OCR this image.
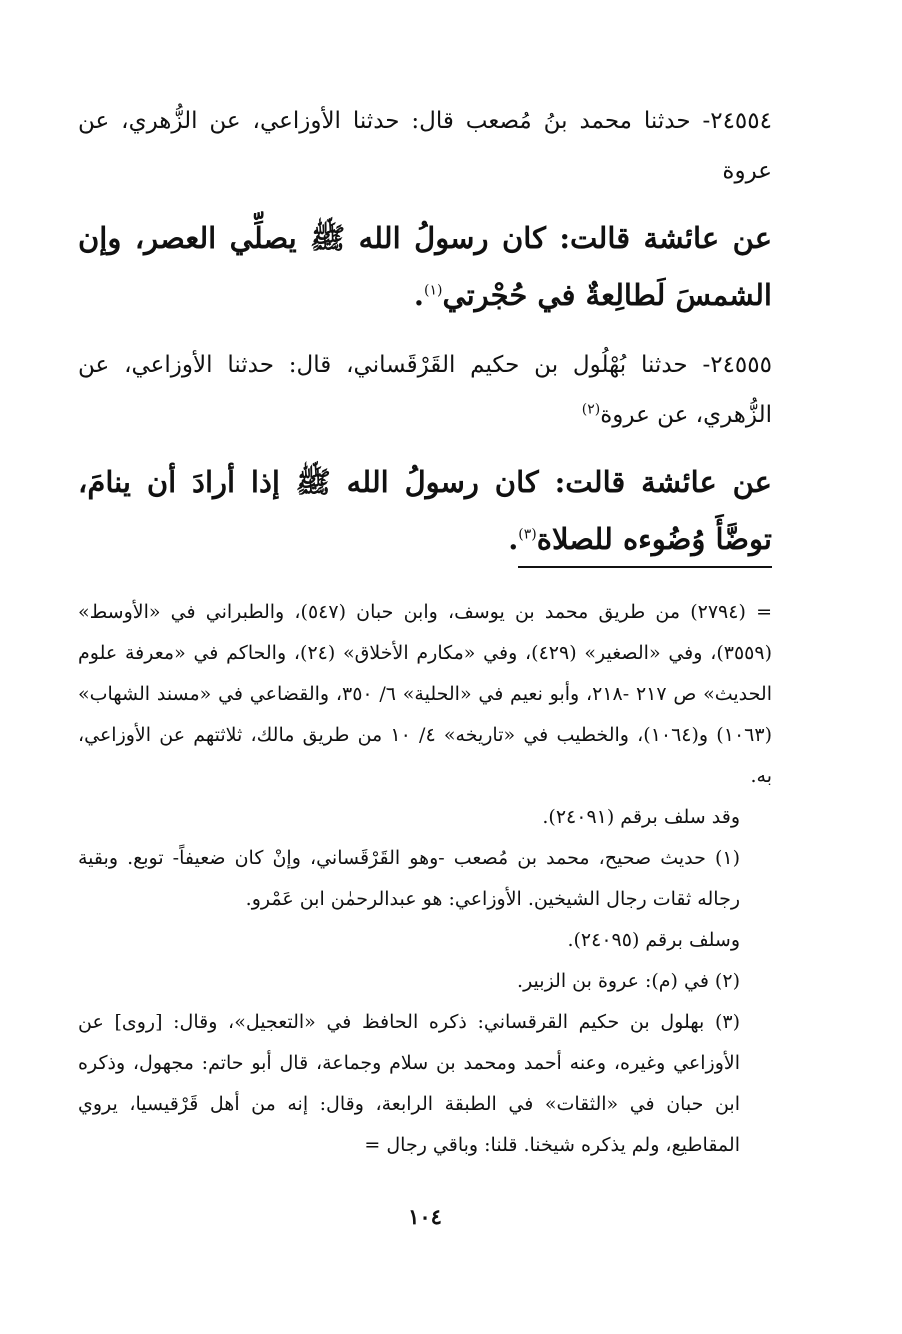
٢٤٥٥٤- حدثنا محمد بنُ مُصعب قال: حدثنا الأوزاعي، عن الزُّهري، عن عروة

عن عائشة قالت: كان رسولُ الله ﷺ يصلِّي العصر، وإن الشمسَ لَطالِعةٌ في حُجْرتي$^{(١)}$.

٢٤٥٥٥- حدثنا بُهْلُول بن حكيم القَرْقَساني، قال: حدثنا الأوزاعي، عن الزُّهري، عن عروة$^{(٢)}$

عن عائشة قالت: كان رسولُ الله ﷺ إذا أرادَ أن ينامَ، توضَّأَ وُضُوءه للصلاة$^{(٣)}$.

= (٢٧٩٤) من طريق محمد بن يوسف، وابن حبان (٥٤٧)، والطبراني في «الأوسط» (٣٥٥٩)، وفي «الصغير» (٤٢٩)، وفي «مكارم الأخلاق» (٢٤)، والحاكم في «معرفة علوم الحديث» ص ٢١٧ -٢١٨، وأبو نعيم في «الحلية» ٦/ ٣٥٠، والقضاعي في «مسند الشهاب» (١٠٦٣) و(١٠٦٤)، والخطيب في «تاريخه» ٤/ ١٠ من طريق مالك، ثلاثتهم عن الأوزاعي، به.

وقد سلف برقم (٢٤٠٩١).

(١) حديث صحيح، محمد بن مُصعب -وهو القَرْقَساني، وإنْ كان ضعيفاً- توبع. وبقية رجاله ثقات رجال الشيخين. الأوزاعي: هو عبدالرحمٰن ابن عَمْرو.

وسلف برقم (٢٤٠٩٥).

(٢) في (م): عروة بن الزبير.

(٣) بهلول بن حكيم القرقساني: ذكره الحافظ في «التعجيل»، وقال: [روى] عن الأوزاعي وغيره، وعنه أحمد ومحمد بن سلام وجماعة، قال أبو حاتم: مجهول، وذكره ابن حبان في «الثقات» في الطبقة الرابعة، وقال: إنه من أهل قَرْقيسيا، يروي المقاطيع، ولم يذكره شيخنا. قلنا: وباقي رجال =

١٠٤
